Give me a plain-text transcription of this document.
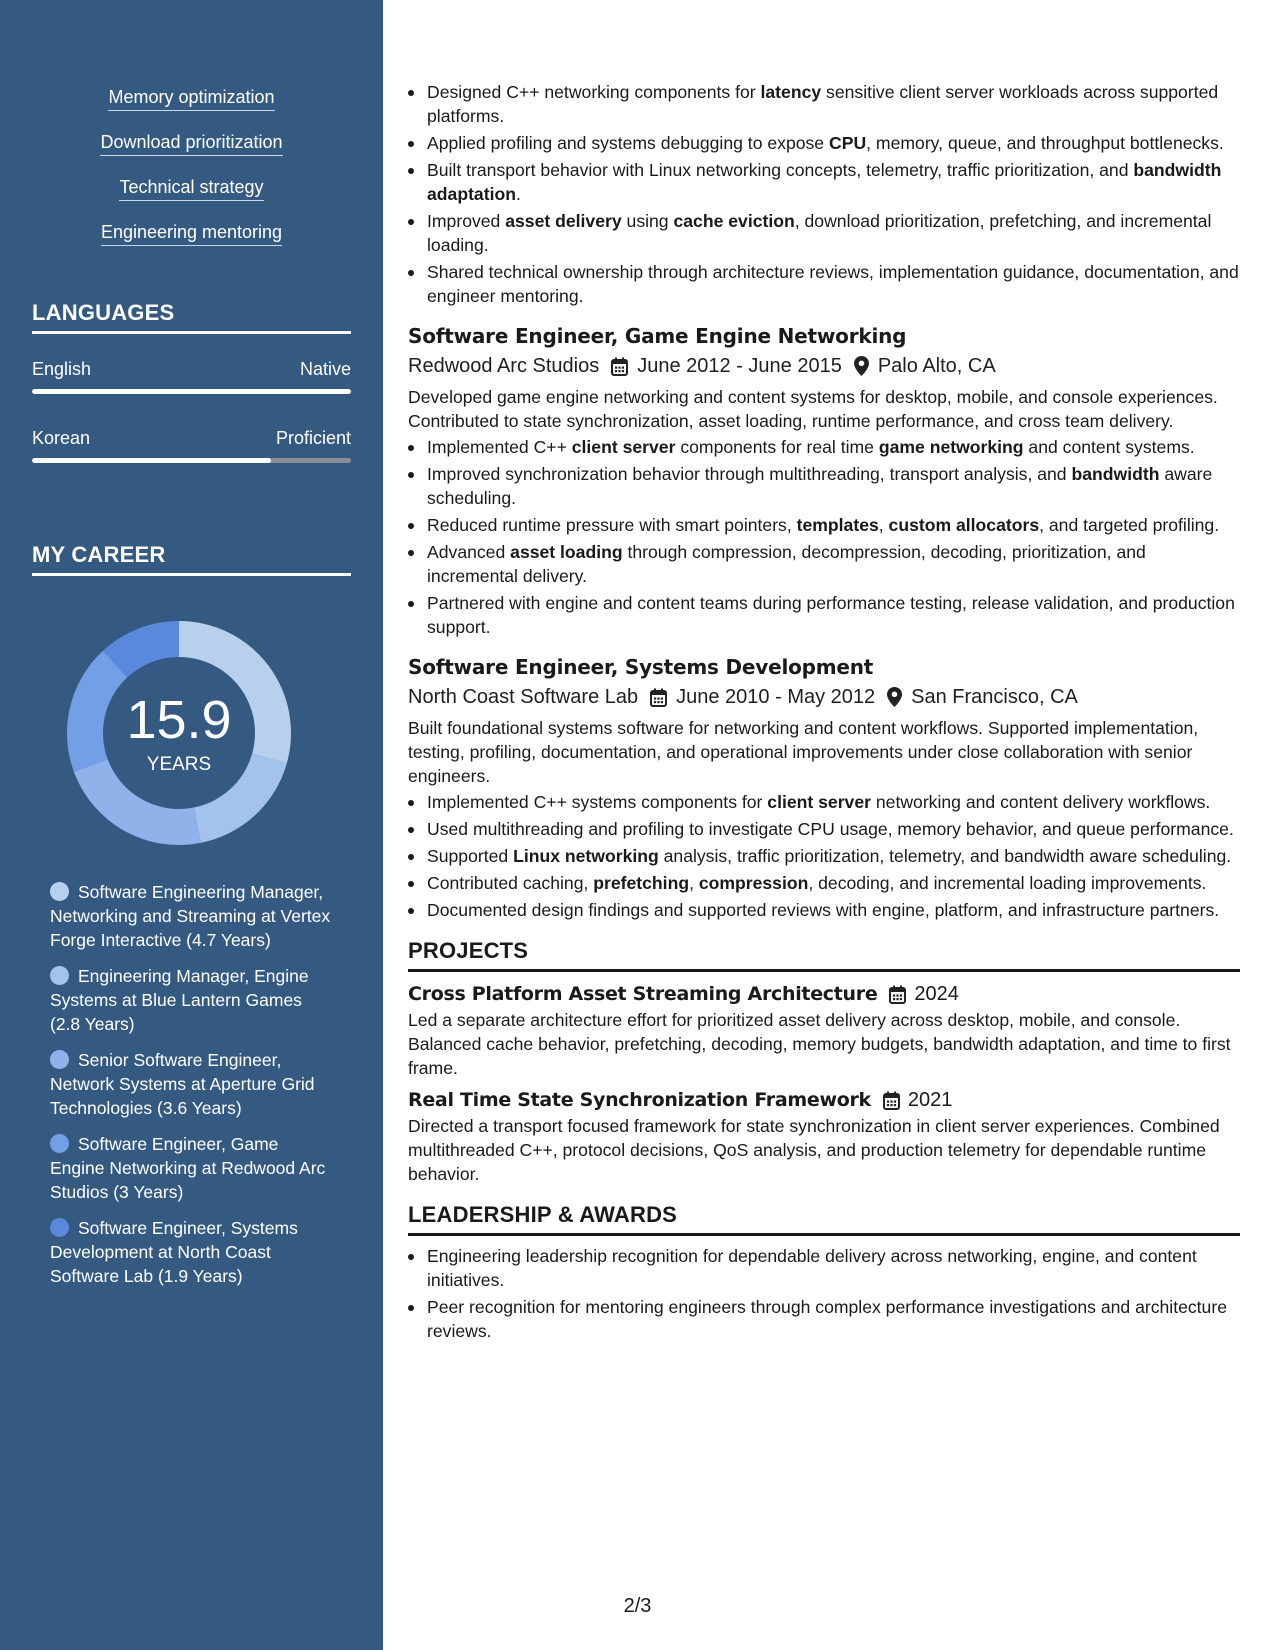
Memory optimization
Download prioritization
Technical strategy
Engineering mentoring
LANGUAGES
English	Native
Korean	Proficient
MY CAREER
15.9
YEARS
Software Engineering Manager, Networking and Streaming at Vertex Forge Interactive (4.7 Years)
Engineering Manager, Engine Systems at Blue Lantern Games (2.8 Years)
Senior Software Engineer, Network Systems at Aperture Grid Technologies (3.6 Years)
Software Engineer, Game Engine Networking at Redwood Arc Studios (3 Years)
Software Engineer, Systems Development at North Coast Software Lab (1.9 Years)
Designed C++ networking components for latency sensitive client server workloads across supported platforms.
Applied profiling and systems debugging to expose CPU, memory, queue, and throughput bottlenecks.
Built transport behavior with Linux networking concepts, telemetry, traffic prioritization, and bandwidth adaptation.
Improved asset delivery using cache eviction, download prioritization, prefetching, and incremental loading.
Shared technical ownership through architecture reviews, implementation guidance, documentation, and engineer mentoring.
Software Engineer, Game Engine Networking
Redwood Arc Studios June 2012 - June 2015 Palo Alto, CA
Developed game engine networking and content systems for desktop, mobile, and console experiences. Contributed to state synchronization, asset loading, runtime performance, and cross team delivery.
Implemented C++ client server components for real time game networking and content systems.
Improved synchronization behavior through multithreading, transport analysis, and bandwidth aware scheduling.
Reduced runtime pressure with smart pointers, templates, custom allocators, and targeted profiling.
Advanced asset loading through compression, decompression, decoding, prioritization, and incremental delivery.
Partnered with engine and content teams during performance testing, release validation, and production support.
Software Engineer, Systems Development
North Coast Software Lab June 2010 - May 2012 San Francisco, CA
Built foundational systems software for networking and content workflows. Supported implementation, testing, profiling, documentation, and operational improvements under close collaboration with senior engineers.
Implemented C++ systems components for client server networking and content delivery workflows.
Used multithreading and profiling to investigate CPU usage, memory behavior, and queue performance.
Supported Linux networking analysis, traffic prioritization, telemetry, and bandwidth aware scheduling.
Contributed caching, prefetching, compression, decoding, and incremental loading improvements.
Documented design findings and supported reviews with engine, platform, and infrastructure partners.
PROJECTS
Cross Platform Asset Streaming Architecture 2024
Led a separate architecture effort for prioritized asset delivery across desktop, mobile, and console. Balanced cache behavior, prefetching, decoding, memory budgets, bandwidth adaptation, and time to first frame.
Real Time State Synchronization Framework 2021
Directed a transport focused framework for state synchronization in client server experiences. Combined multithreaded C++, protocol decisions, QoS analysis, and production telemetry for dependable runtime behavior.
LEADERSHIP & AWARDS
Engineering leadership recognition for dependable delivery across networking, engine, and content initiatives.
Peer recognition for mentoring engineers through complex performance investigations and architecture reviews.
2/3
